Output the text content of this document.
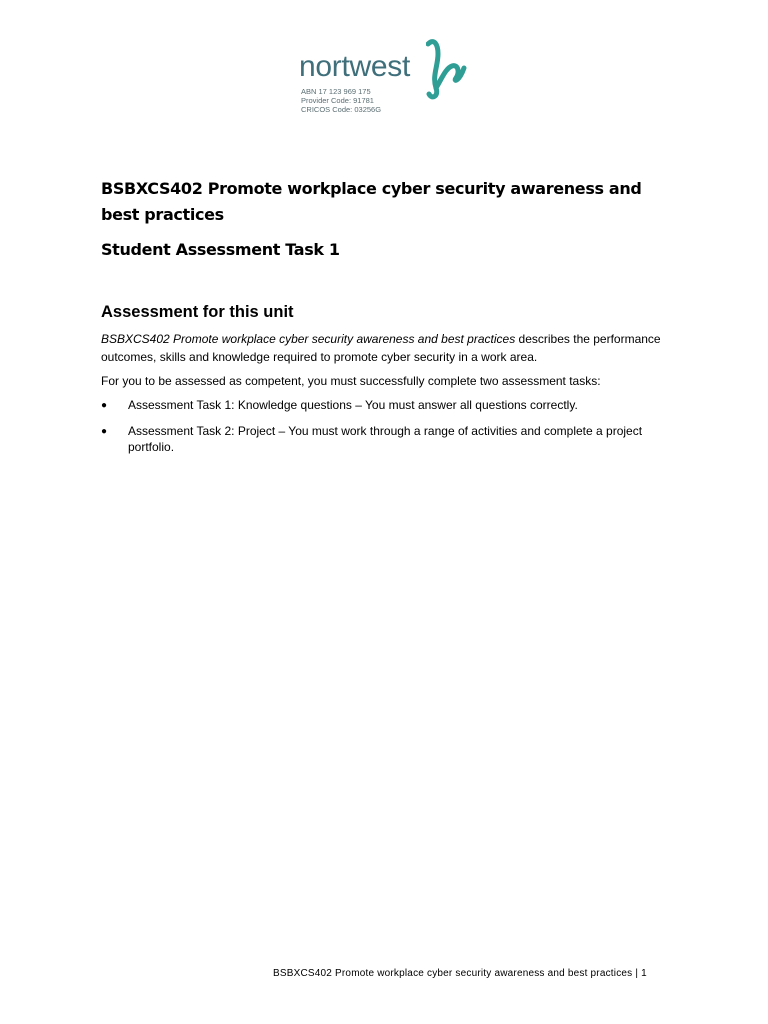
nortwest
ABN 17 123 969 175
Provider Code: 91781
CRICOS Code: 03256G
BSBXCS402 Promote workplace cyber security awareness and best practices
Student Assessment Task 1
Assessment for this unit
BSBXCS402 Promote workplace cyber security awareness and best practices describes the performance outcomes, skills and knowledge required to promote cyber security in a work area.
For you to be assessed as competent, you must successfully complete two assessment tasks:
● Assessment Task 1: Knowledge questions – You must answer all questions correctly.
● Assessment Task 2: Project – You must work through a range of activities and complete a project portfolio.
BSBXCS402 Promote workplace cyber security awareness and best practices | 1
